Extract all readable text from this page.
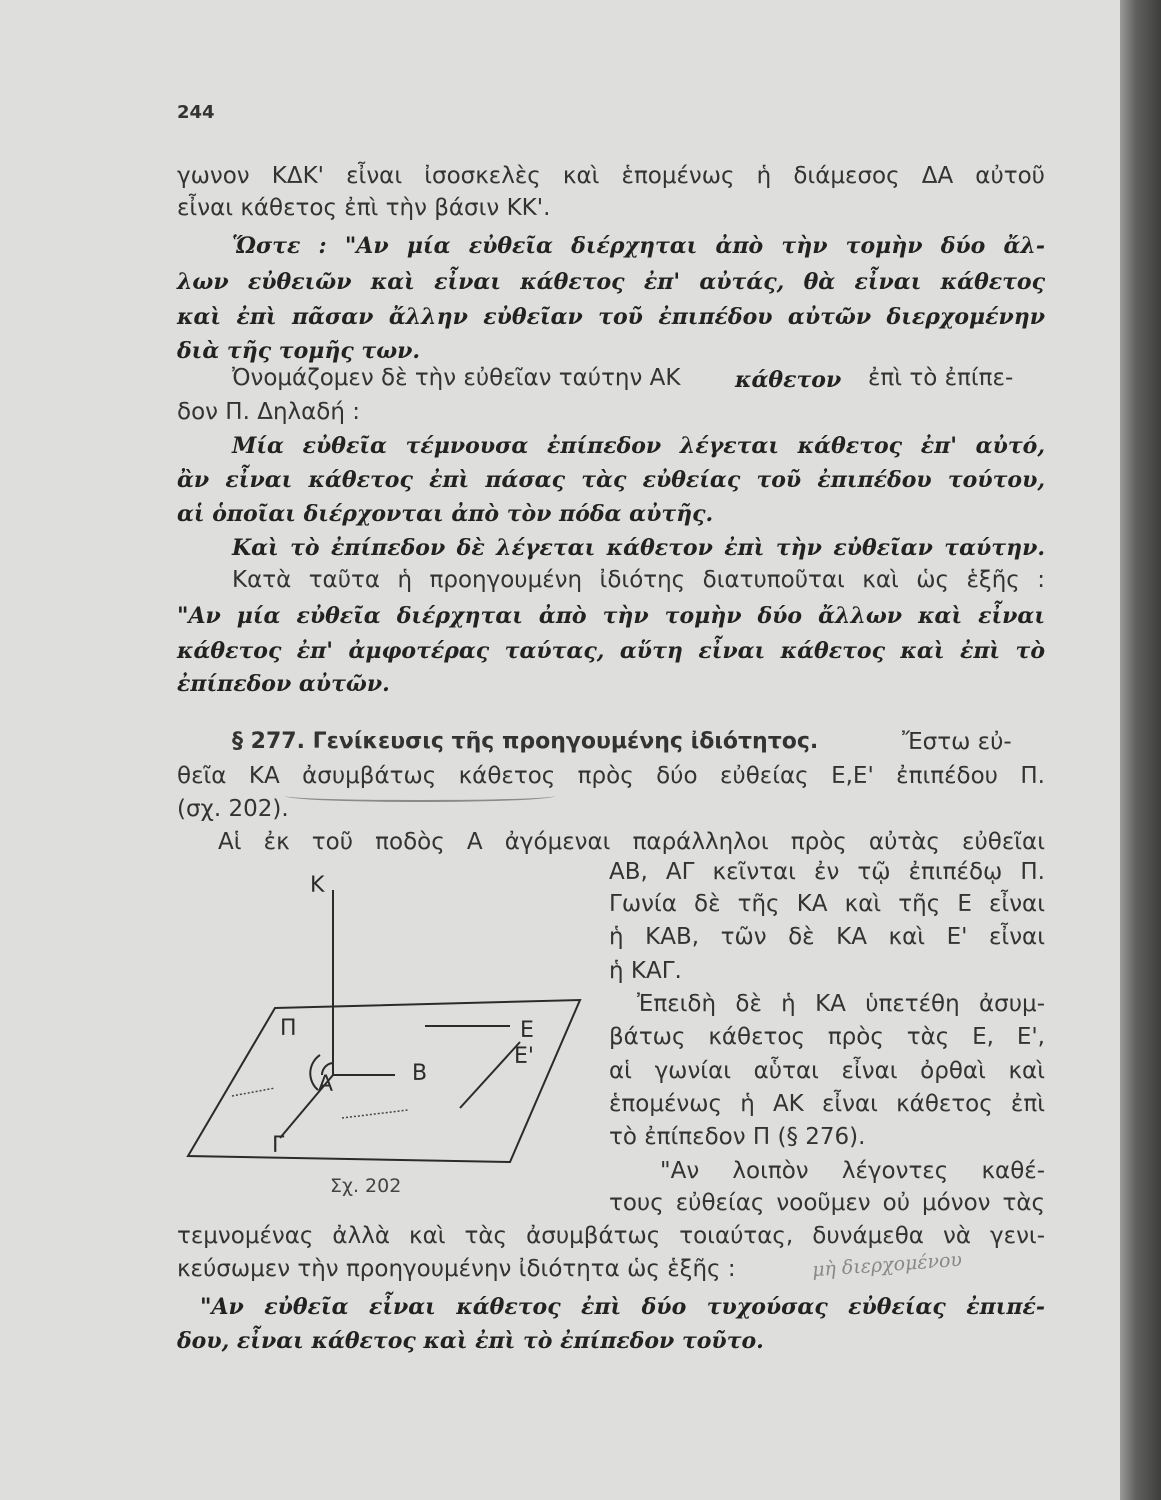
244
γωνον ΚΔΚ' εἶναι ἰσοσκελὲς καὶ ἑπομένως ἡ διάμεσος ΔΑ αὐτοῦ
εἶναι κάθετος ἐπὶ τὴν βάσιν ΚΚ'.
Ὥστε : "Αν μία εὐθεῖα διέρχηται ἀπὸ τὴν τομὴν δύο ἄλ-
λων εὐθειῶν καὶ εἶναι κάθετος ἐπ' αὐτάς, θὰ εἶναι κάθετος
καὶ ἐπὶ πᾶσαν ἄλλην εὐθεῖαν τοῦ ἐπιπέδου αὐτῶν διερχομένην
διὰ τῆς τομῆς των.
Ὀνομάζομεν δὲ τὴν εὐθεῖαν ταύτην ΑΚ κάθετον ἐπὶ τὸ ἐπίπε-
δον Π. Δηλαδή :
Μία εὐθεῖα τέμνουσα ἐπίπεδον λέγεται κάθετος ἐπ' αὐτό,
ἂν εἶναι κάθετος ἐπὶ πάσας τὰς εὐθείας τοῦ ἐπιπέδου τούτου,
αἱ ὁποῖαι διέρχονται ἀπὸ τὸν πόδα αὐτῆς.
Καὶ τὸ ἐπίπεδον δὲ λέγεται κάθετον ἐπὶ τὴν εὐθεῖαν ταύτην.
Κατὰ ταῦτα ἡ προηγουμένη ἰδιότης διατυποῦται καὶ ὡς ἑξῆς :
"Αν μία εὐθεῖα διέρχηται ἀπὸ τὴν τομὴν δύο ἄλλων καὶ εἶναι
κάθετος ἐπ' ἀμφοτέρας ταύτας, αὕτη εἶναι κάθετος καὶ ἐπὶ τὸ
ἐπίπεδον αὐτῶν.
§ 277. Γενίκευσις τῆς προηγουμένης ἰδιότητος.	Ἔστω εὐ-
θεῖα ΚΑ ἀσυμβάτως κάθετος πρὸς δύο εὐθείας Ε,Ε' ἐπιπέδου Π.
(σχ. 202).
Αἱ ἐκ τοῦ ποδὸς Α ἀγόμεναι παράλληλοι πρὸς αὐτὰς εὐθεῖαι
ΑΒ, ΑΓ κεῖνται ἐν τῷ ἐπιπέδῳ Π.
Γωνία δὲ τῆς ΚΑ καὶ τῆς Ε εἶναι
ἡ ΚΑΒ, τῶν δὲ ΚΑ καὶ Ε' εἶναι
ἡ ΚΑΓ.
Ἐπειδὴ δὲ ἡ ΚΑ ὑπετέθη ἀσυμ-
βάτως κάθετος πρὸς τὰς Ε, Ε',
αἱ γωνίαι αὗται εἶναι ὀρθαὶ καὶ
ἑπομένως ἡ ΑΚ εἶναι κάθετος ἐπὶ
τὸ ἐπίπεδον Π (§ 276).
"Αν λοιπὸν λέγοντες καθέ-
τους εὐθείας νοοῦμεν οὐ μόνον τὰς
τεμνομένας ἀλλὰ καὶ τὰς ἀσυμβάτως τοιαύτας, δυνάμεθα νὰ γενι-
κεύσωμεν τὴν προηγουμένην ἰδιότητα ὡς ἑξῆς :	μὴ διερχομένου
"Αν εὐθεῖα εἶναι κάθετος ἐπὶ δύο τυχούσας εὐθείας ἐπιπέ-
δου, εἶναι κάθετος καὶ ἐπὶ τὸ ἐπίπεδον τοῦτο.
Κ
Π
Α	Β
Γ
Ε
Ε'
Σχ. 202
